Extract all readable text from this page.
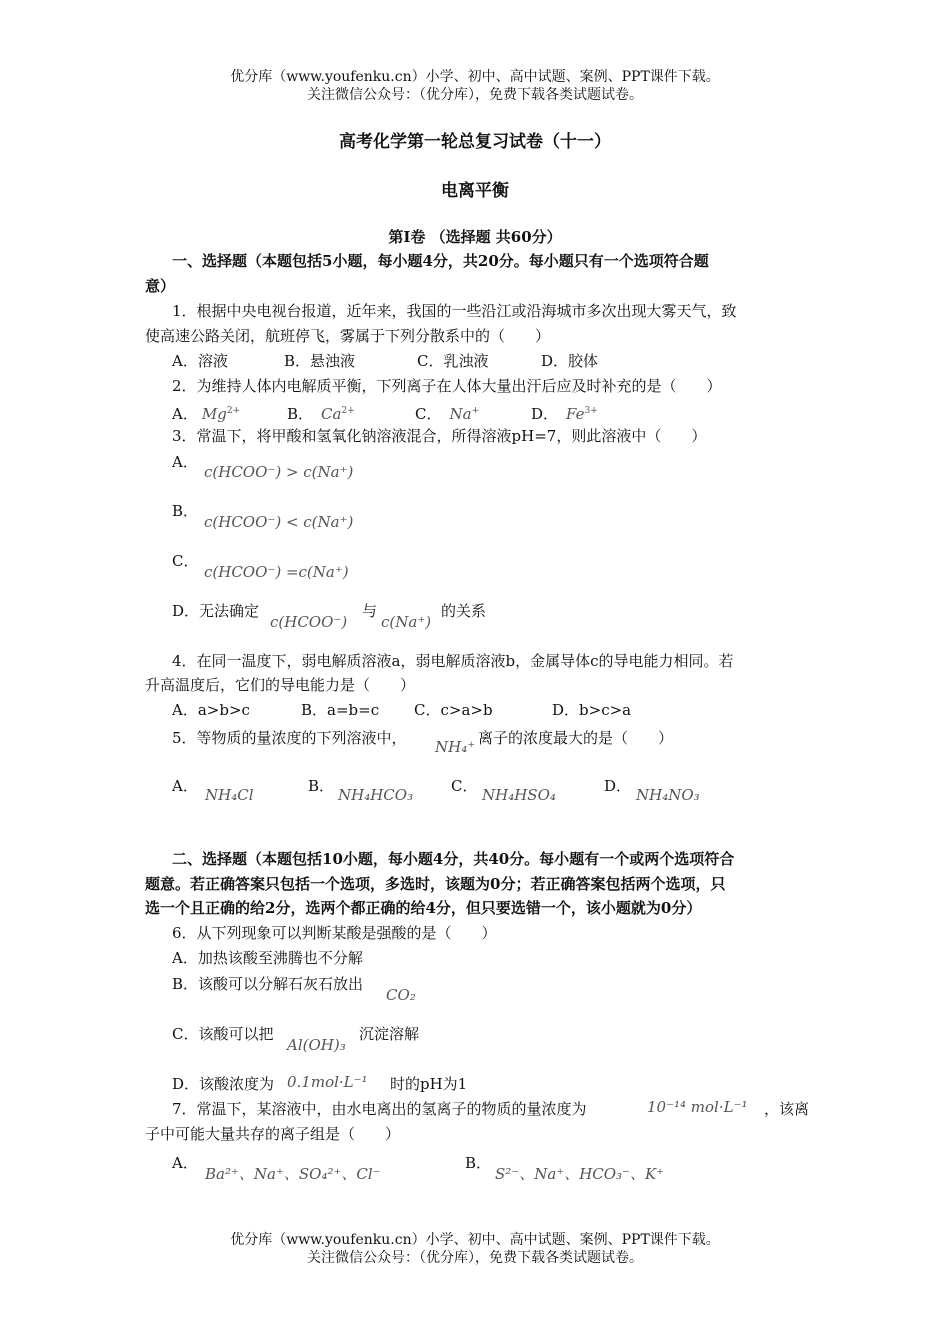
优分库（www.youfenku.cn）小学、初中、高中试题、案例、PPT课件下载。
关注微信公众号：（优分库），免费下载各类试题试卷。
高考化学第一轮总复习试卷（十一）
电离平衡
第Ⅰ卷 （选择题 共60分）
一、选择题（本题包括5小题，每小题4分，共20分。每小题只有一个选项符合题
意）
1．根据中央电视台报道，近年来，我国的一些沿江或沿海城市多次出现大雾天气，致
使高速公路关闭，航班停飞，雾属于下列分散系中的（　　）
A．溶液	B．悬浊液	C．乳浊液	D．胶体
2．为维持人体内电解质平衡，下列离子在人体大量出汗后应及时补充的是（　　）
A． $Mg^{2+}$	B． $Ca^{2+}$	C． Na+	D． $Fe^{3+}$
3．常温下，将甲酸和氢氧化钠溶液混合，所得溶液pH=7，则此溶液中（　　）
A．
c(HCOO⁻) > c(Na⁺)
B．
c(HCOO⁻) < c(Na⁺)
C．
c(HCOO⁻) =c(Na⁺)
D．无法确定
c(HCOO⁻)
与
c(Na⁺)
的关系
4．在同一温度下，弱电解质溶液a，弱电解质溶液b，金属导体c的导电能力相同。若
升高温度后，它们的导电能力是（　　）
A．a>b>c	B．a=b=c C．c>a>b	D．b>c>a
5．等物质的量浓度的下列溶液中， NH₄⁺ 离子的浓度最大的是（　　）
A． NH₄Cl	B． NH₄HCO₃	C． NH₄HSO₄	D． NH₄NO₃
二、选择题（本题包括10小题，每小题4分，共40分。每小题有一个或两个选项符合
题意。若正确答案只包括一个选项，多选时，该题为0分；若正确答案包括两个选项，只
选一个且正确的给2分，选两个都正确的给4分，但只要选错一个，该小题就为0分）
6．从下列现象可以判断某酸是强酸的是（　　）
A．加热该酸至沸腾也不分解
B．该酸可以分解石灰石放出
CO₂
C．该酸可以把
Al(OH)₃
沉淀溶解
D．该酸浓度为 0.1mol·L⁻¹ 时的pH为1
7．常温下，某溶液中，由水电离出的氢离子的物质的量浓度为	10⁻¹⁴ mol·L⁻¹ ，该离
子中可能大量共存的离子组是（　　）
A．
Ba²⁺、Na⁺、SO₄²⁺、Cl⁻
B．
S²⁻、Na⁺、HCO₃⁻、K⁺
优分库（www.youfenku.cn）小学、初中、高中试题、案例、PPT课件下载。
关注微信公众号：（优分库），免费下载各类试题试卷。
